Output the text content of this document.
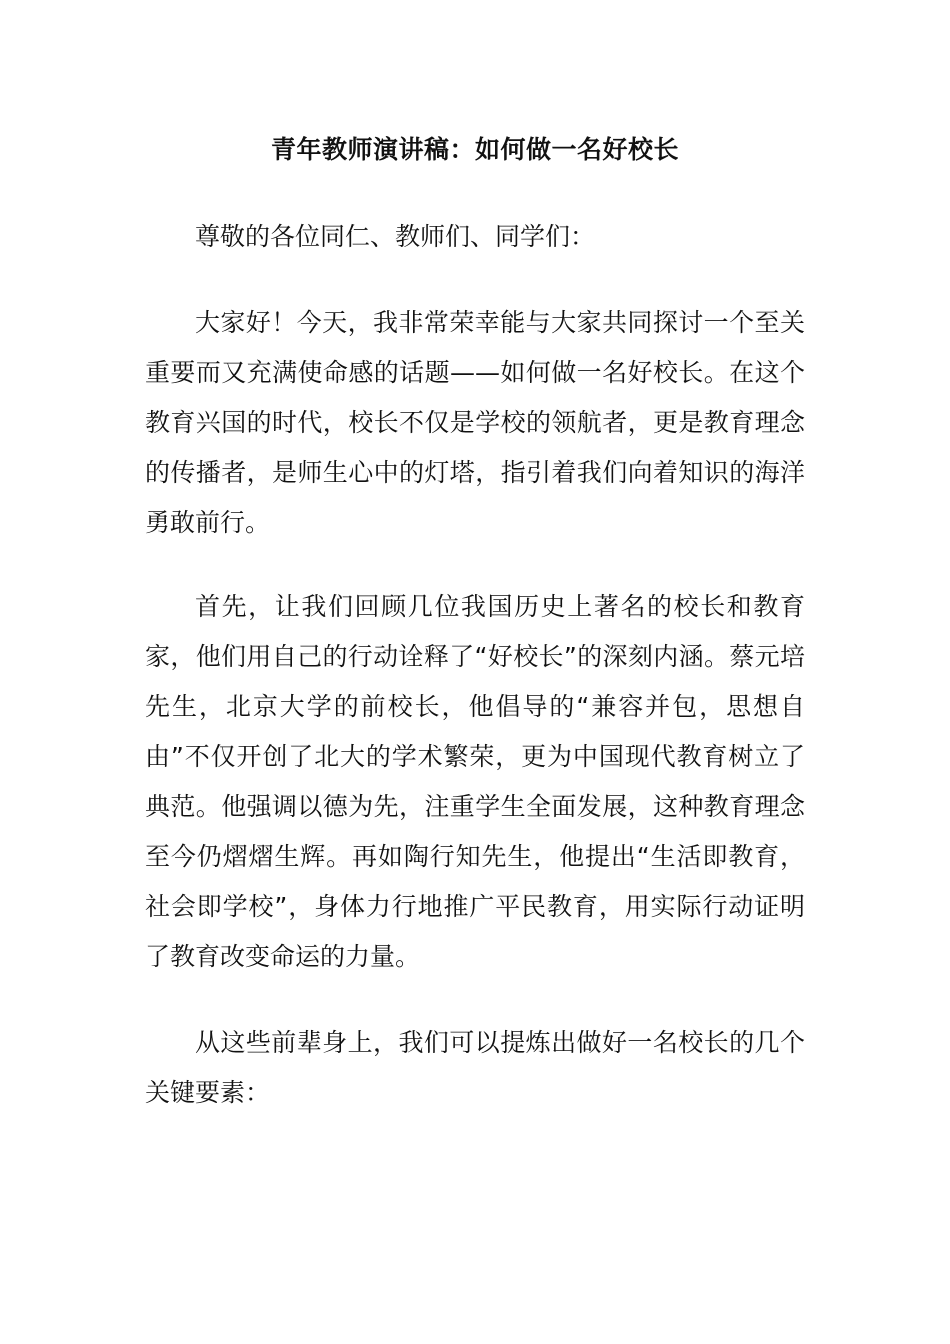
青年教师演讲稿：如何做一名好校长

尊敬的各位同仁、教师们、同学们：

大家好！今天，我非常荣幸能与大家共同探讨一个至关重要而又充满使命感的话题——如何做一名好校长。在这个教育兴国的时代，校长不仅是学校的领航者，更是教育理念的传播者，是师生心中的灯塔，指引着我们向着知识的海洋勇敢前行。

首先，让我们回顾几位我国历史上著名的校长和教育家，他们用自己的行动诠释了“好校长”的深刻内涵。蔡元培先生，北京大学的前校长，他倡导的“兼容并包，思想自由”不仅开创了北大的学术繁荣，更为中国现代教育树立了典范。他强调以德为先，注重学生全面发展，这种教育理念至今仍熠熠生辉。再如陶行知先生，他提出“生活即教育，社会即学校”，身体力行地推广平民教育，用实际行动证明了教育改变命运的力量。

从这些前辈身上，我们可以提炼出做好一名校长的几个关键要素：
